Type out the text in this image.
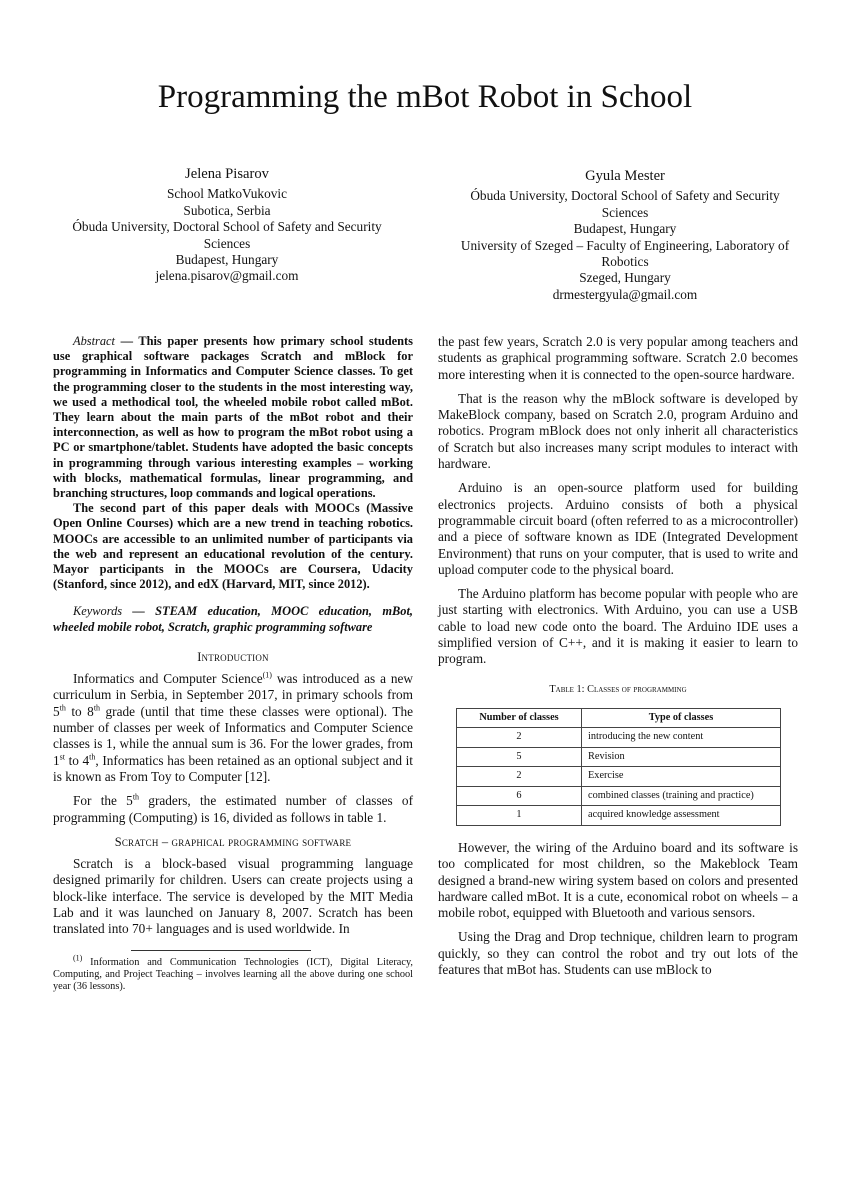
Programming the mBot Robot in School
Jelena Pisarov
School MatkoVukovic
Subotica, Serbia
Óbuda University, Doctoral School of Safety and Security Sciences
Budapest, Hungary
jelena.pisarov@gmail.com
Gyula Mester
Óbuda University, Doctoral School of Safety and Security Sciences
Budapest, Hungary
University of Szeged – Faculty of Engineering, Laboratory of Robotics
Szeged, Hungary
drmestergyula@gmail.com

Abstract — This paper presents how primary school students use graphical software packages Scratch and mBlock for programming in Informatics and Computer Science classes. To get the programming closer to the students in the most interesting way, we used a methodical tool, the wheeled mobile robot called mBot. They learn about the main parts of the mBot robot and their interconnection, as well as how to program the mBot robot using a PC or smartphone/tablet. Students have adopted the basic concepts in programming through various interesting examples – working with blocks, mathematical formulas, linear programming, and branching structures, loop commands and logical operations.

The second part of this paper deals with MOOCs (Massive Open Online Courses) which are a new trend in teaching robotics. MOOCs are accessible to an unlimited number of participants via the web and represent an educational revolution of the century. Mayor participants in the MOOCs are Coursera, Udacity (Stanford, since 2012), and edX (Harvard, MIT, since 2012).

Keywords — STEAM education, MOOC education, mBot, wheeled mobile robot, Scratch, graphic programming software

Introduction

Informatics and Computer Science$^{(1)}$ was introduced as a new curriculum in Serbia, in September 2017, in primary schools from 5th to 8th grade (until that time these classes were optional). The number of classes per week of Informatics and Computer Science classes is 1, while the annual sum is 36. For the lower grades, from 1st to 4th, Informatics has been retained as an optional subject and it is known as From Toy to Computer [12].

For the 5th graders, the estimated number of classes of programming (Computing) is 16, divided as follows in table 1.

Scratch – graphical programming software

Scratch is a block-based visual programming language designed primarily for children. Users can create projects using a block-like interface. The service is developed by the MIT Media Lab and it was launched on January 8, 2007. Scratch has been translated into 70+ languages and is used worldwide. In

$^{(1)}$ Information and Communication Technologies (ICT), Digital Literacy, Computing, and Project Teaching – involves learning all the above during one school year (36 lessons).

the past few years, Scratch 2.0 is very popular among teachers and students as graphical programming software. Scratch 2.0 becomes more interesting when it is connected to the open-source hardware.

That is the reason why the mBlock software is developed by MakeBlock company, based on Scratch 2.0, program Arduino and robotics. Program mBlock does not only inherit all characteristics of Scratch but also increases many script modules to interact with hardware.

Arduino is an open-source platform used for building electronics projects. Arduino consists of both a physical programmable circuit board (often referred to as a microcontroller) and a piece of software known as IDE (Integrated Development Environment) that runs on your computer, that is used to write and upload computer code to the physical board.

The Arduino platform has become popular with people who are just starting with electronics. With Arduino, you can use a USB cable to load new code onto the board. The Arduino IDE uses a simplified version of C++, and it is making it easier to learn to program.

Table 1: Classes of programming
Number of classes	Type of classes
2	introducing the new content
5	Revision
2	Exercise
6	combined classes (training and practice)
1	acquired knowledge assessment

However, the wiring of the Arduino board and its software is too complicated for most children, so the Makeblock Team designed a brand-new wiring system based on colors and presented hardware called mBot. It is a cute, economical robot on wheels – a mobile robot, equipped with Bluetooth and various sensors.

Using the Drag and Drop technique, children learn to program quickly, so they can control the robot and try out lots of the features that mBot has. Students can use mBlock to
